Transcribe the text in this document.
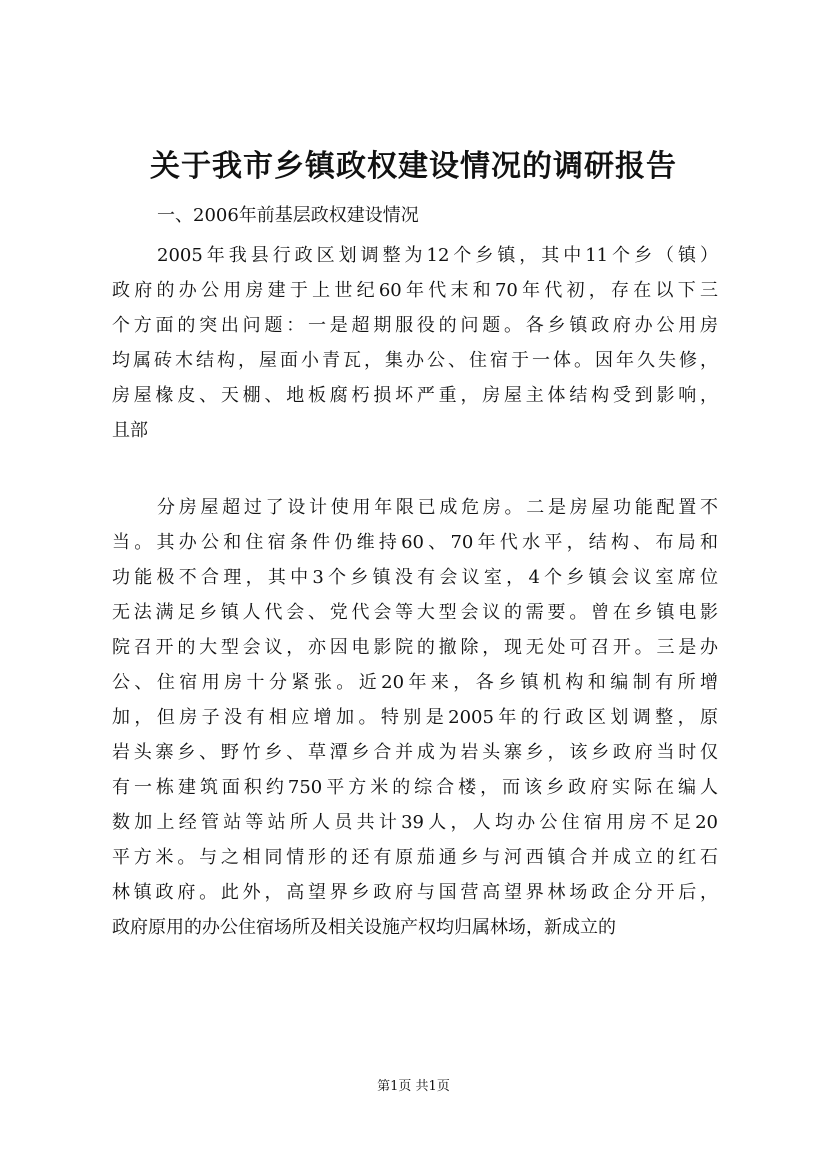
关于我市乡镇政权建设情况的调研报告

一、2006年前基层政权建设情况

2005年我县行政区划调整为12个乡镇，其中11个乡（镇）
政府的办公用房建于上世纪60年代末和70年代初，存在以下三
个方面的突出问题：一是超期服役的问题。各乡镇政府办公用房
均属砖木结构，屋面小青瓦，集办公、住宿于一体。因年久失修，
房屋椽皮、天棚、地板腐朽损坏严重，房屋主体结构受到影响，
且部
分房屋超过了设计使用年限已成危房。二是房屋功能配置不
当。其办公和住宿条件仍维持60、70年代水平，结构、布局和
功能极不合理，其中3个乡镇没有会议室，4个乡镇会议室席位
无法满足乡镇人代会、党代会等大型会议的需要。曾在乡镇电影
院召开的大型会议，亦因电影院的撤除，现无处可召开。三是办
公、住宿用房十分紧张。近20年来，各乡镇机构和编制有所增
加，但房子没有相应增加。特别是2005年的行政区划调整，原
岩头寨乡、野竹乡、草潭乡合并成为岩头寨乡，该乡政府当时仅
有一栋建筑面积约750平方米的综合楼，而该乡政府实际在编人
数加上经管站等站所人员共计39人，人均办公住宿用房不足20
平方米。与之相同情形的还有原茄通乡与河西镇合并成立的红石
林镇政府。此外，高望界乡政府与国营高望界林场政企分开后，
政府原用的办公住宿场所及相关设施产权均归属林场，新成立的

第1页 共1页
